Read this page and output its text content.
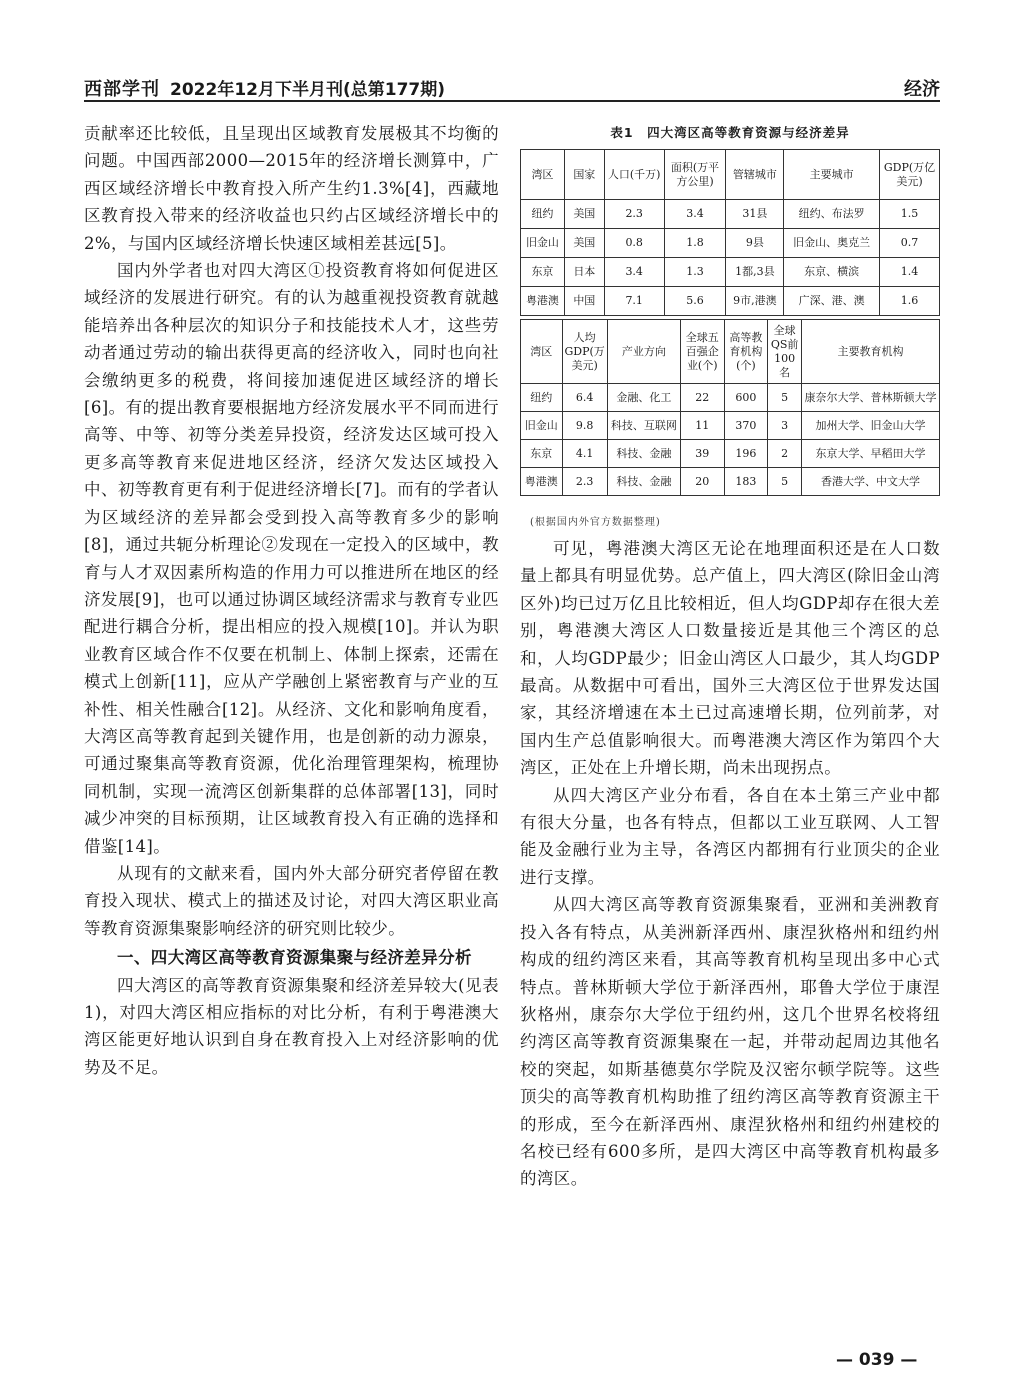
西部学刊 2022年12月下半月刊(总第177期)	经济

贡献率还比较低，且呈现出区域教育发展极其不均衡的问题。中国西部2000—2015年的经济增长测算中，广西区域经济增长中教育投入所产生约1.3%[4]，西藏地区教育投入带来的经济收益也只约占区域经济增长中的2%，与国内区域经济增长快速区域相差甚远[5]。

国内外学者也对四大湾区①投资教育将如何促进区域经济的发展进行研究。有的认为越重视投资教育就越能培养出各种层次的知识分子和技能技术人才，这些劳动者通过劳动的输出获得更高的经济收入，同时也向社会缴纳更多的税费，将间接加速促进区域经济的增长[6]。有的提出教育要根据地方经济发展水平不同而进行高等、中等、初等分类差异投资，经济发达区域可投入更多高等教育来促进地区经济，经济欠发达区域投入中、初等教育更有利于促进经济增长[7]。而有的学者认为区域经济的差异都会受到投入高等教育多少的影响[8]，通过共轭分析理论②发现在一定投入的区域中，教育与人才双因素所构造的作用力可以推进所在地区的经济发展[9]，也可以通过协调区域经济需求与教育专业匹配进行耦合分析，提出相应的投入规模[10]。并认为职业教育区域合作不仅要在机制上、体制上探索，还需在模式上创新[11]，应从产学融创上紧密教育与产业的互补性、相关性融合[12]。从经济、文化和影响角度看，大湾区高等教育起到关键作用，也是创新的动力源泉，可通过聚集高等教育资源，优化治理管理架构，梳理协同机制，实现一流湾区创新集群的总体部署[13]，同时减少冲突的目标预期，让区域教育投入有正确的选择和借鉴[14]。

从现有的文献来看，国内外大部分研究者停留在教育投入现状、模式上的描述及讨论，对四大湾区职业高等教育资源集聚影响经济的研究则比较少。

一、四大湾区高等教育资源集聚与经济差异分析

四大湾区的高等教育资源集聚和经济差异较大(见表1)，对四大湾区相应指标的对比分析，有利于粤港澳大湾区能更好地认识到自身在教育投入上对经济影响的优势及不足。

表1　四大湾区高等教育资源与经济差异
湾区	国家	人口(千万)	面积(万平方公里)	管辖城市	主要城市	GDP(万亿美元)
纽约	美国	2.3	3.4	31县	纽约、布法罗	1.5
旧金山	美国	0.8	1.8	9县	旧金山、奥克兰	0.7
东京	日本	3.4	1.3	1都,3县	东京、横滨	1.4
粤港澳	中国	7.1	5.6	9市,港澳	广深、港、澳	1.6
湾区	人均GDP(万美元)	产业方向	全球五百强企业(个)	高等教育机构(个)	全球QS前100名	主要教育机构
纽约	6.4	金融、化工	22	600	5	康奈尔大学、普林斯顿大学
旧金山	9.8	科技、互联网	11	370	3	加州大学、旧金山大学
东京	4.1	科技、金融	39	196	2	东京大学、早稻田大学
粤港澳	2.3	科技、金融	20	183	5	香港大学、中文大学
(根据国内外官方数据整理)

可见，粤港澳大湾区无论在地理面积还是在人口数量上都具有明显优势。总产值上，四大湾区(除旧金山湾区外)均已过万亿且比较相近，但人均GDP却存在很大差别，粤港澳大湾区人口数量接近是其他三个湾区的总和，人均GDP最少；旧金山湾区人口最少，其人均GDP最高。从数据中可看出，国外三大湾区位于世界发达国家，其经济增速在本土已过高速增长期，位列前茅，对国内生产总值影响很大。而粤港澳大湾区作为第四个大湾区，正处在上升增长期，尚未出现拐点。

从四大湾区产业分布看，各自在本土第三产业中都有很大分量，也各有特点，但都以工业互联网、人工智能及金融行业为主导，各湾区内都拥有行业顶尖的企业进行支撑。

从四大湾区高等教育资源集聚看，亚洲和美洲教育投入各有特点，从美洲新泽西州、康涅狄格州和纽约州构成的纽约湾区来看，其高等教育机构呈现出多中心式特点。普林斯顿大学位于新泽西州，耶鲁大学位于康涅狄格州，康奈尔大学位于纽约州，这几个世界名校将纽约湾区高等教育资源集聚在一起，并带动起周边其他名校的突起，如斯基德莫尔学院及汉密尔顿学院等。这些顶尖的高等教育机构助推了纽约湾区高等教育资源主干的形成，至今在新泽西州、康涅狄格州和纽约州建校的名校已经有600多所，是四大湾区中高等教育机构最多的湾区。

— 039 —
